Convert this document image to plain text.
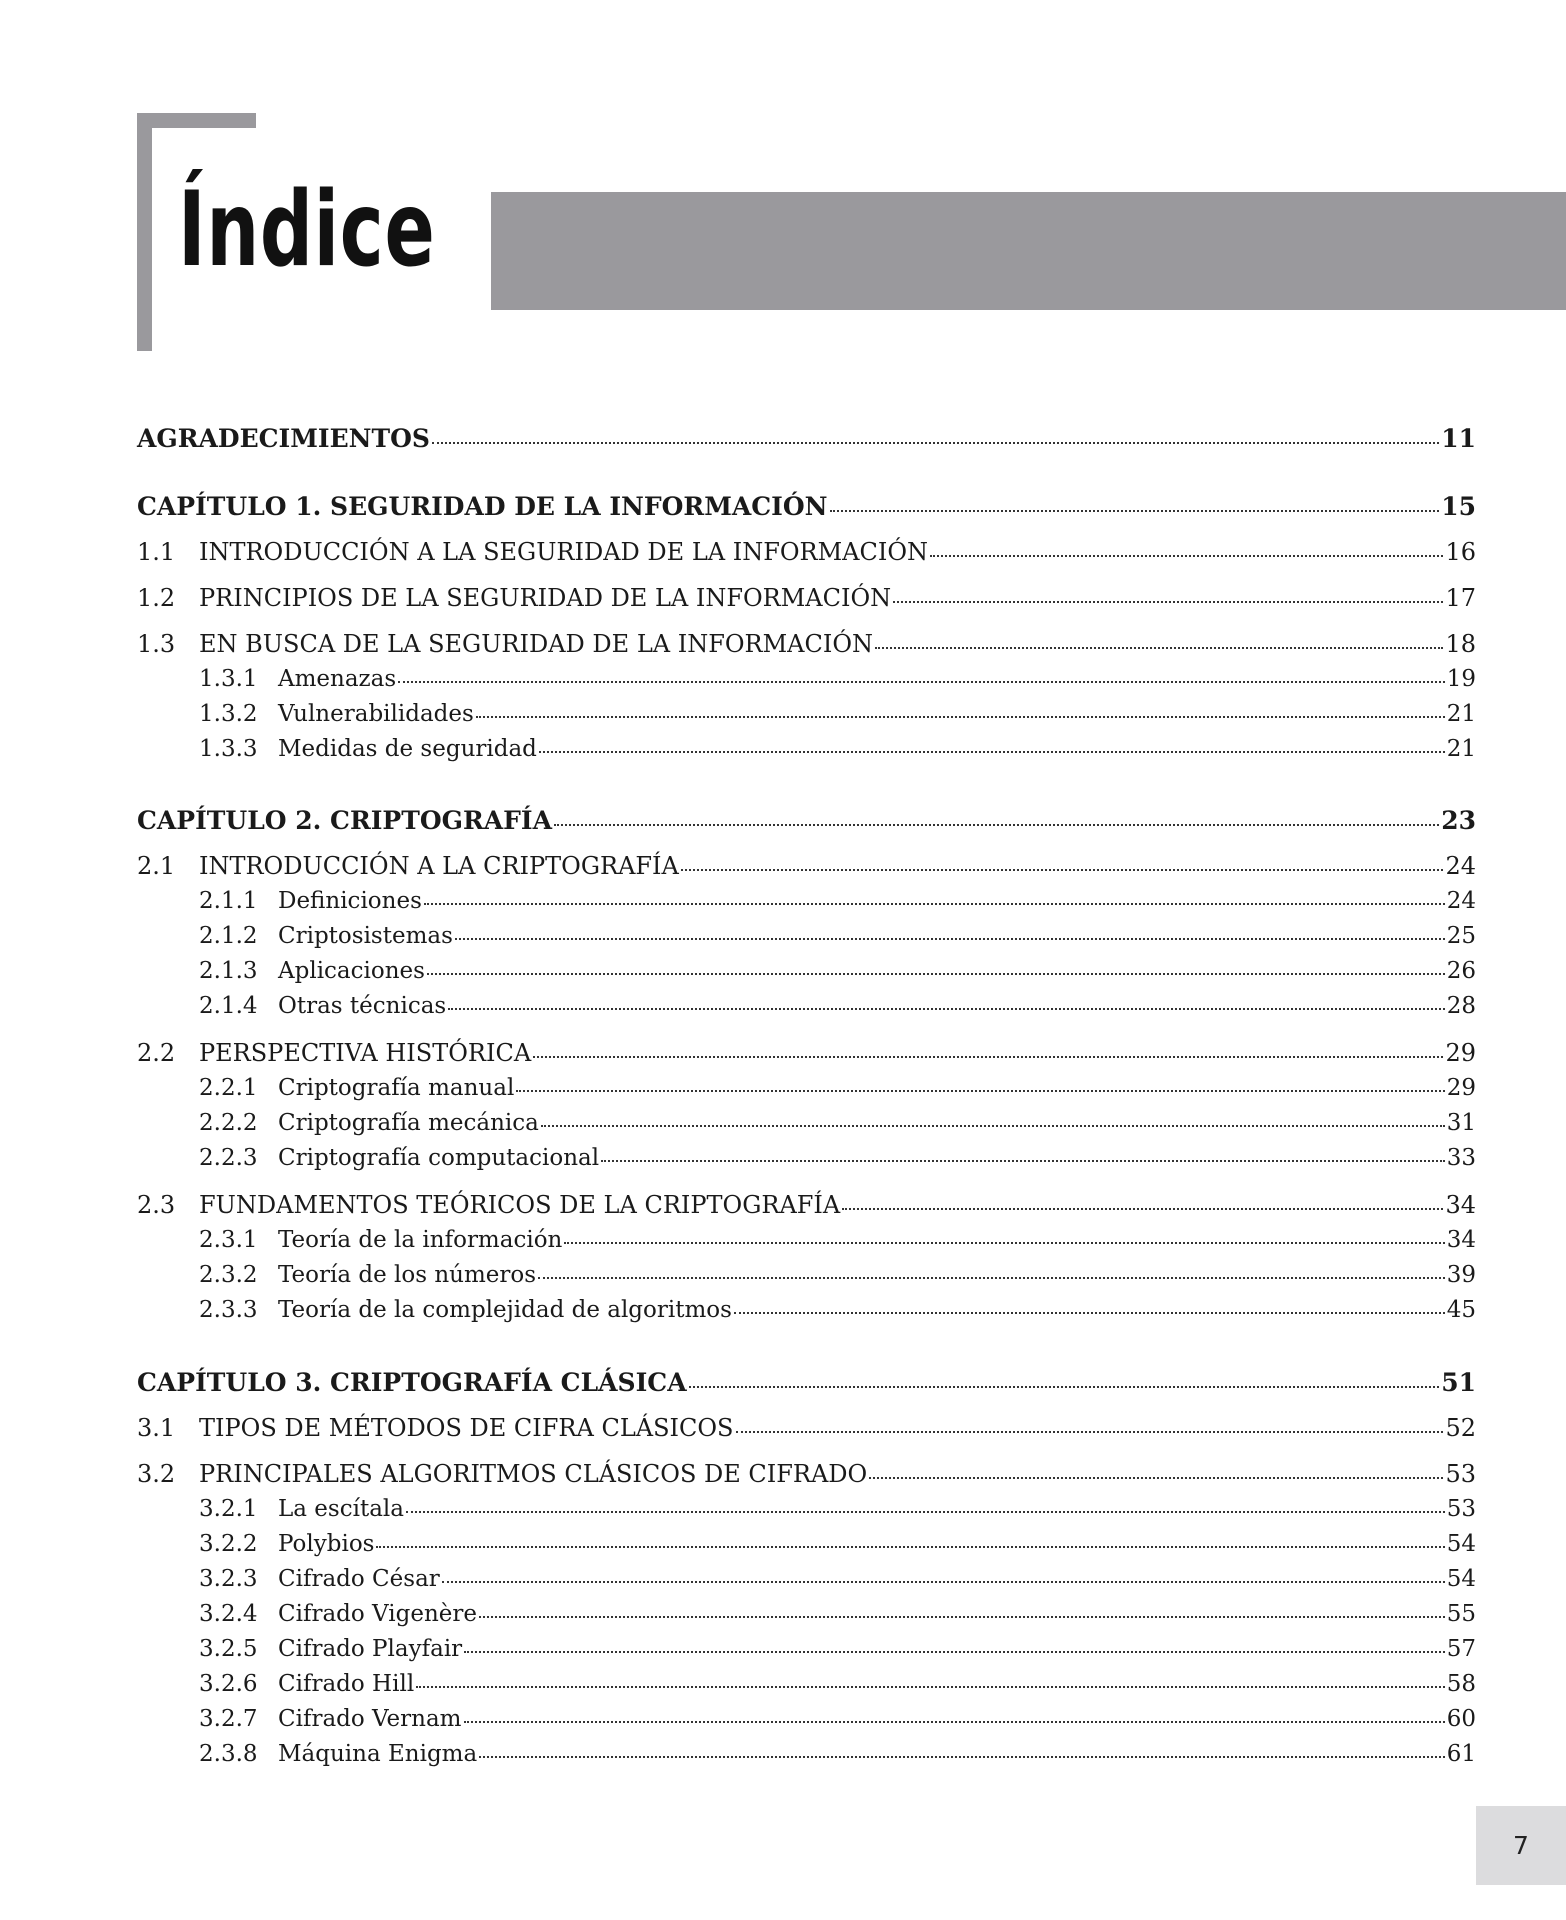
Índice
AGRADECIMIENTOS	11
CAPÍTULO 1. SEGURIDAD DE LA INFORMACIÓN	15
1.1 INTRODUCCIÓN A LA SEGURIDAD DE LA INFORMACIÓN	16
1.2 PRINCIPIOS DE LA SEGURIDAD DE LA INFORMACIÓN	17
1.3 EN BUSCA DE LA SEGURIDAD DE LA INFORMACIÓN	18
1.3.1 Amenazas	19
1.3.2 Vulnerabilidades	21
1.3.3 Medidas de seguridad	21
CAPÍTULO 2. CRIPTOGRAFÍA	23
2.1 INTRODUCCIÓN A LA CRIPTOGRAFÍA	24
2.1.1 Definiciones	24
2.1.2 Criptosistemas	25
2.1.3 Aplicaciones	26
2.1.4 Otras técnicas	28
2.2 PERSPECTIVA HISTÓRICA	29
2.2.1 Criptografía manual	29
2.2.2 Criptografía mecánica	31
2.2.3 Criptografía computacional	33
2.3 FUNDAMENTOS TEÓRICOS DE LA CRIPTOGRAFÍA	34
2.3.1 Teoría de la información	34
2.3.2 Teoría de los números	39
2.3.3 Teoría de la complejidad de algoritmos	45
CAPÍTULO 3. CRIPTOGRAFÍA CLÁSICA	51
3.1 TIPOS DE MÉTODOS DE CIFRA CLÁSICOS	52
3.2 PRINCIPALES ALGORITMOS CLÁSICOS DE CIFRADO	53
3.2.1 La escítala	53
3.2.2 Polybios	54
3.2.3 Cifrado César	54
3.2.4 Cifrado Vigenère	55
3.2.5 Cifrado Playfair	57
3.2.6 Cifrado Hill	58
3.2.7 Cifrado Vernam	60
2.3.8 Máquina Enigma	61
7
